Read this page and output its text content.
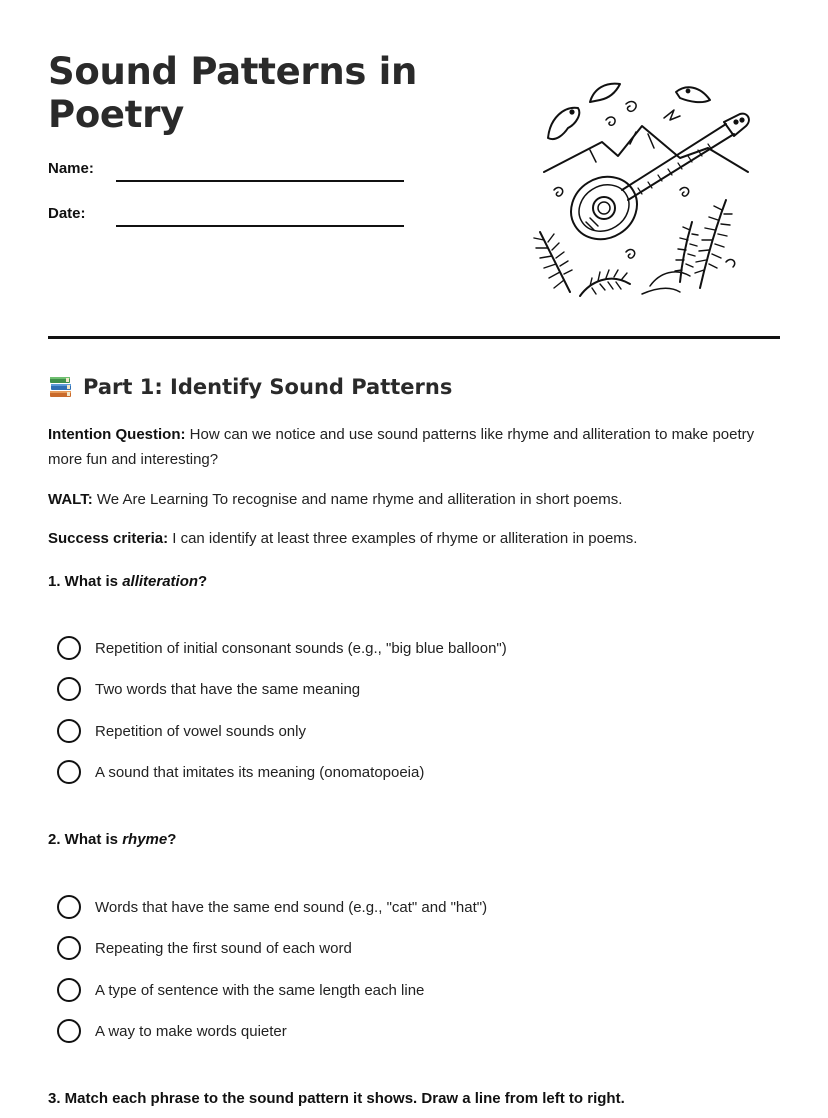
Sound Patterns in Poetry
Name:
Date:
Part 1: Identify Sound Patterns

Intention Question: How can we notice and use sound patterns like rhyme and alliteration to make poetry more fun and interesting?

WALT: We Are Learning To recognise and name rhyme and alliteration in short poems.

Success criteria: I can identify at least three examples of rhyme or alliteration in poems.

1. What is alliteration?
Repetition of initial consonant sounds (e.g., "big blue balloon")
Two words that have the same meaning
Repetition of vowel sounds only
A sound that imitates its meaning (onomatopoeia)
2. What is rhyme?
Words that have the same end sound (e.g., "cat" and "hat")
Repeating the first sound of each word
A type of sentence with the same length each line
A way to make words quieter
3. Match each phrase to the sound pattern it shows. Draw a line from left to right.
